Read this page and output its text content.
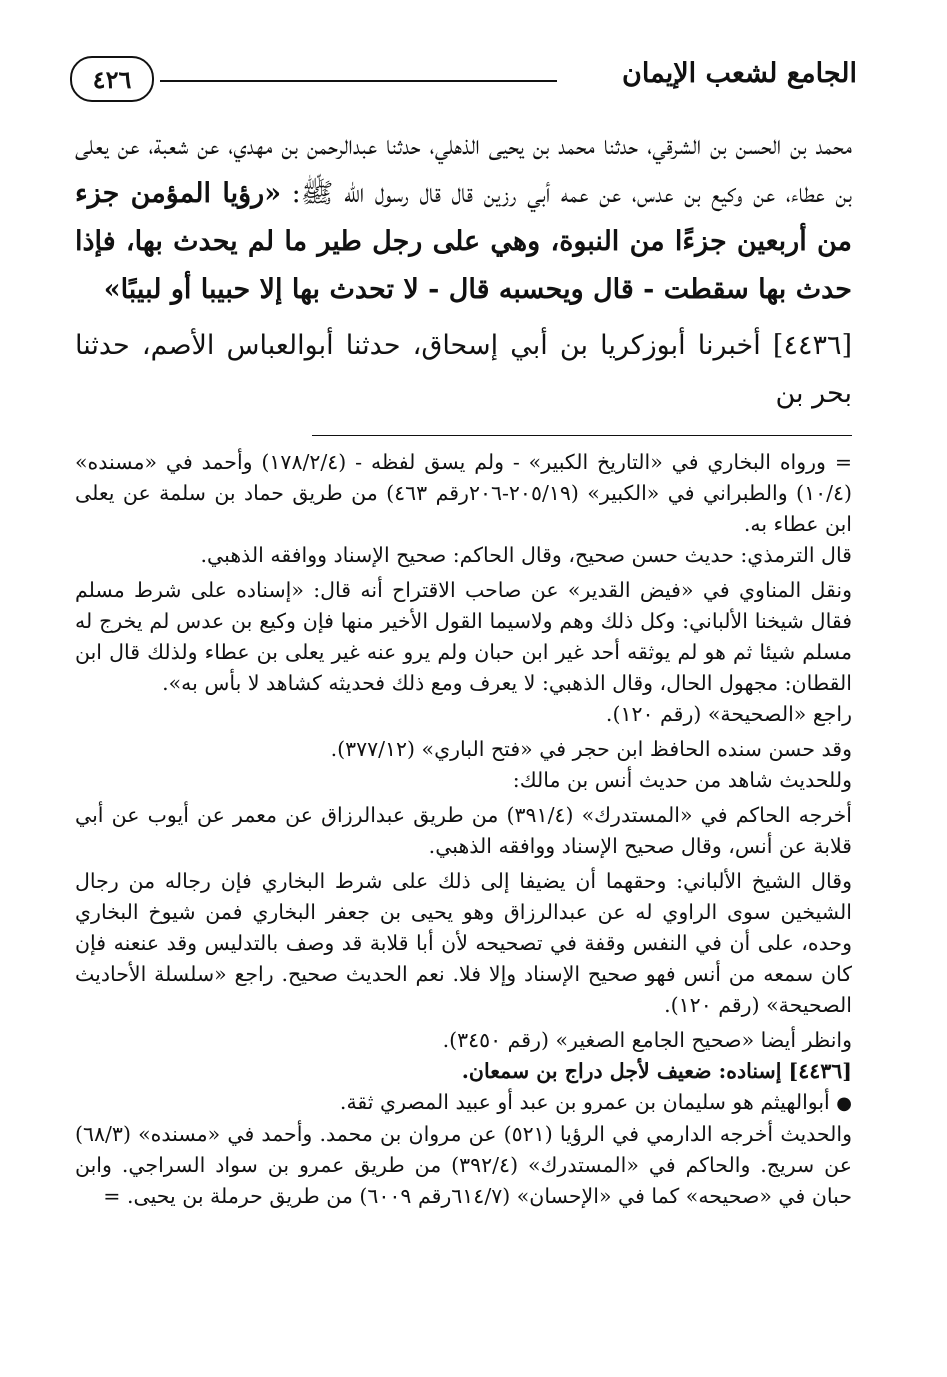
الجامع لشعب الإيمان
٤٢٦

محمد بن الحسن بن الشرقي، حدثنا محمد بن يحيى الذهلي، حدثنا عبدالرحمن بن مهدي، عن شعبة، عن يعلى بن عطاء، عن وكيع بن عدس، عن عمه أبي رزين قال قال رسول الله ﷺ: «رؤيا المؤمن جزء من أربعين جزءًا من النبوة، وهي على رجل طير ما لم يحدث بها، فإذا حدث بها سقطت - قال ويحسبه قال - لا تحدث بها إلا حبيبا أو لبيبًا»

[٤٤٣٦] أخبرنا أبوزكريا بن أبي إسحاق، حدثنا أبوالعباس الأصم، حدثنا بحر بن

= ورواه البخاري في «التاريخ الكبير» - ولم يسق لفظه - (١٧٨/٢/٤) وأحمد في «مسنده» (١٠/٤) والطبراني في «الكبير» (٢٠٥/١٩-٢٠٦رقم ٤٦٣) من طريق حماد بن سلمة عن يعلى ابن عطاء به.

قال الترمذي: حديث حسن صحيح، وقال الحاكم: صحيح الإسناد ووافقه الذهبي.

ونقل المناوي في «فيض القدير» عن صاحب الاقتراح أنه قال: «إسناده على شرط مسلم فقال شيخنا الألباني: وكل ذلك وهم ولاسيما القول الأخير منها فإن وكيع بن عدس لم يخرج له مسلم شيئا ثم هو لم يوثقه أحد غير ابن حبان ولم يرو عنه غير يعلى بن عطاء ولذلك قال ابن القطان: مجهول الحال، وقال الذهبي: لا يعرف ومع ذلك فحديثه كشاهد لا بأس به».

راجع «الصحيحة» (رقم ١٢٠).

وقد حسن سنده الحافظ ابن حجر في «فتح الباري» (٣٧٧/١٢).

وللحديث شاهد من حديث أنس بن مالك:

أخرجه الحاكم في «المستدرك» (٣٩١/٤) من طريق عبدالرزاق عن معمر عن أيوب عن أبي قلابة عن أنس، وقال صحيح الإسناد ووافقه الذهبي.

وقال الشيخ الألباني: وحقهما أن يضيفا إلى ذلك على شرط البخاري فإن رجاله من رجال الشيخين سوى الراوي له عن عبدالرزاق وهو يحيى بن جعفر البخاري فمن شيوخ البخاري وحده، على أن في النفس وقفة في تصحيحه لأن أبا قلابة قد وصف بالتدليس وقد عنعنه فإن كان سمعه من أنس فهو صحيح الإسناد وإلا فلا. نعم الحديث صحيح. راجع «سلسلة الأحاديث الصحيحة» (رقم ١٢٠).

وانظر أيضا «صحيح الجامع الصغير» (رقم ٣٤٥٠).

[٤٤٣٦] إسناده: ضعيف لأجل دراج بن سمعان.

● أبوالهيثم هو سليمان بن عمرو بن عبد أو عبيد المصري ثقة.

والحديث أخرجه الدارمي في الرؤيا (٥٢١) عن مروان بن محمد. وأحمد في «مسنده» (٦٨/٣) عن سريج. والحاكم في «المستدرك» (٣٩٢/٤) من طريق عمرو بن سواد السراجي. وابن حبان في «صحيحه» كما في «الإحسان» (٦١٤/٧رقم ٦٠٠٩) من طريق حرملة بن يحيى. =
